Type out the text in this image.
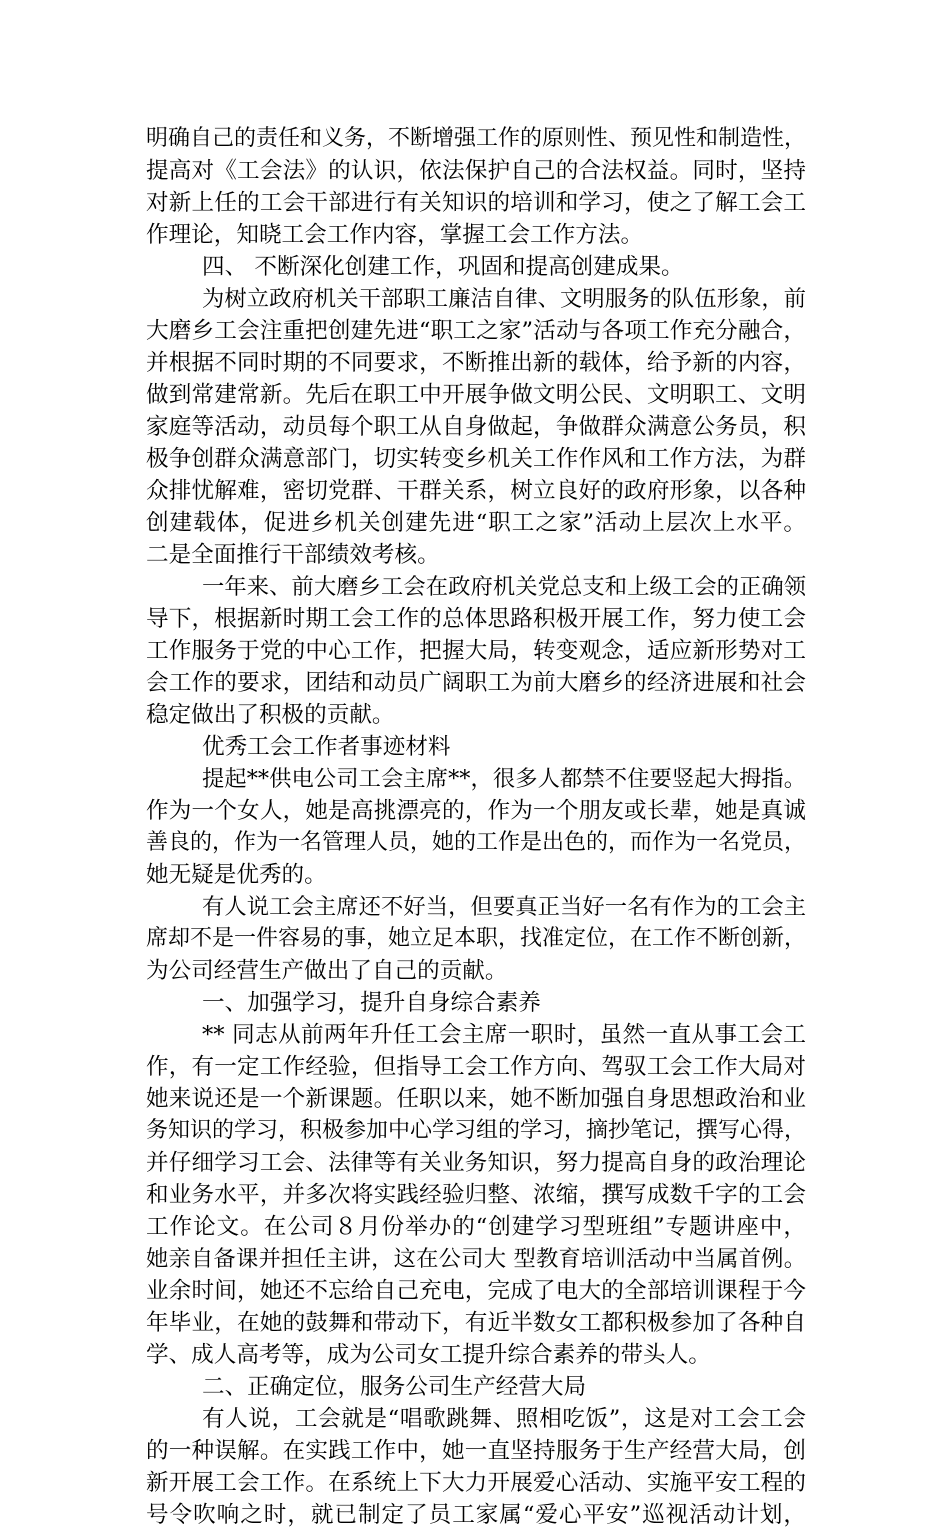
明确自己的责任和义务，不断增强工作的原则性、预见性和制造性，
提高对《工会法》的认识，依法保护自己的合法权益。同时，坚持
对新上任的工会干部进行有关知识的培训和学习，使之了解工会工
作理论，知晓工会工作内容，掌握工会工作方法。
四、 不断深化创建工作，巩固和提高创建成果。
为树立政府机关干部职工廉洁自律、文明服务的队伍形象，前
大磨乡工会注重把创建先进“职工之家”活动与各项工作充分融合，
并根据不同时期的不同要求，不断推出新的载体，给予新的内容，
做到常建常新。先后在职工中开展争做文明公民、文明职工、文明
家庭等活动，动员每个职工从自身做起，争做群众满意公务员，积
极争创群众满意部门，切实转变乡机关工作作风和工作方法，为群
众排忧解难，密切党群、干群关系，树立良好的政府形象，以各种
创建载体，促进乡机关创建先进“职工之家”活动上层次上水平。
二是全面推行干部绩效考核。
一年来、前大磨乡工会在政府机关党总支和上级工会的正确领
导下，根据新时期工会工作的总体思路积极开展工作，努力使工会
工作服务于党的中心工作，把握大局，转变观念，适应新形势对工
会工作的要求，团结和动员广阔职工为前大磨乡的经济进展和社会
稳定做出了积极的贡献。
优秀工会工作者事迹材料
提起**供电公司工会主席**，很多人都禁不住要竖起大拇指。
作为一个女人，她是高挑漂亮的，作为一个朋友或长辈，她是真诚
善良的，作为一名管理人员，她的工作是出色的，而作为一名党员，
她无疑是优秀的。
有人说工会主席还不好当，但要真正当好一名有作为的工会主
席却不是一件容易的事，她立足本职，找准定位，在工作不断创新，
为公司经营生产做出了自己的贡献。
一、加强学习，提升自身综合素养
** 同志从前两年升任工会主席一职时，虽然一直从事工会工
作，有一定工作经验，但指导工会工作方向、驾驭工会工作大局对
她来说还是一个新课题。任职以来，她不断加强自身思想政治和业
务知识的学习，积极参加中心学习组的学习，摘抄笔记，撰写心得，
并仔细学习工会、法律等有关业务知识，努力提高自身的政治理论
和业务水平，并多次将实践经验归整、浓缩，撰写成数千字的工会
工作论文。在公司８月份举办的“创建学习型班组”专题讲座中，
她亲自备课并担任主讲，这在公司大 型教育培训活动中当属首例。
业余时间，她还不忘给自己充电，完成了电大的全部培训课程于今
年毕业，在她的鼓舞和带动下，有近半数女工都积极参加了各种自
学、成人高考等，成为公司女工提升综合素养的带头人。
二、正确定位，服务公司生产经营大局
有人说，工会就是“唱歌跳舞、照相吃饭”，这是对工会工会
的一种误解。在实践工作中，她一直坚持服务于生产经营大局，创
新开展工会工作。在系统上下大力开展爱心活动、实施平安工程的
号令吹响之时，就已制定了员工家属“爱心平安”巡视活动计划，
